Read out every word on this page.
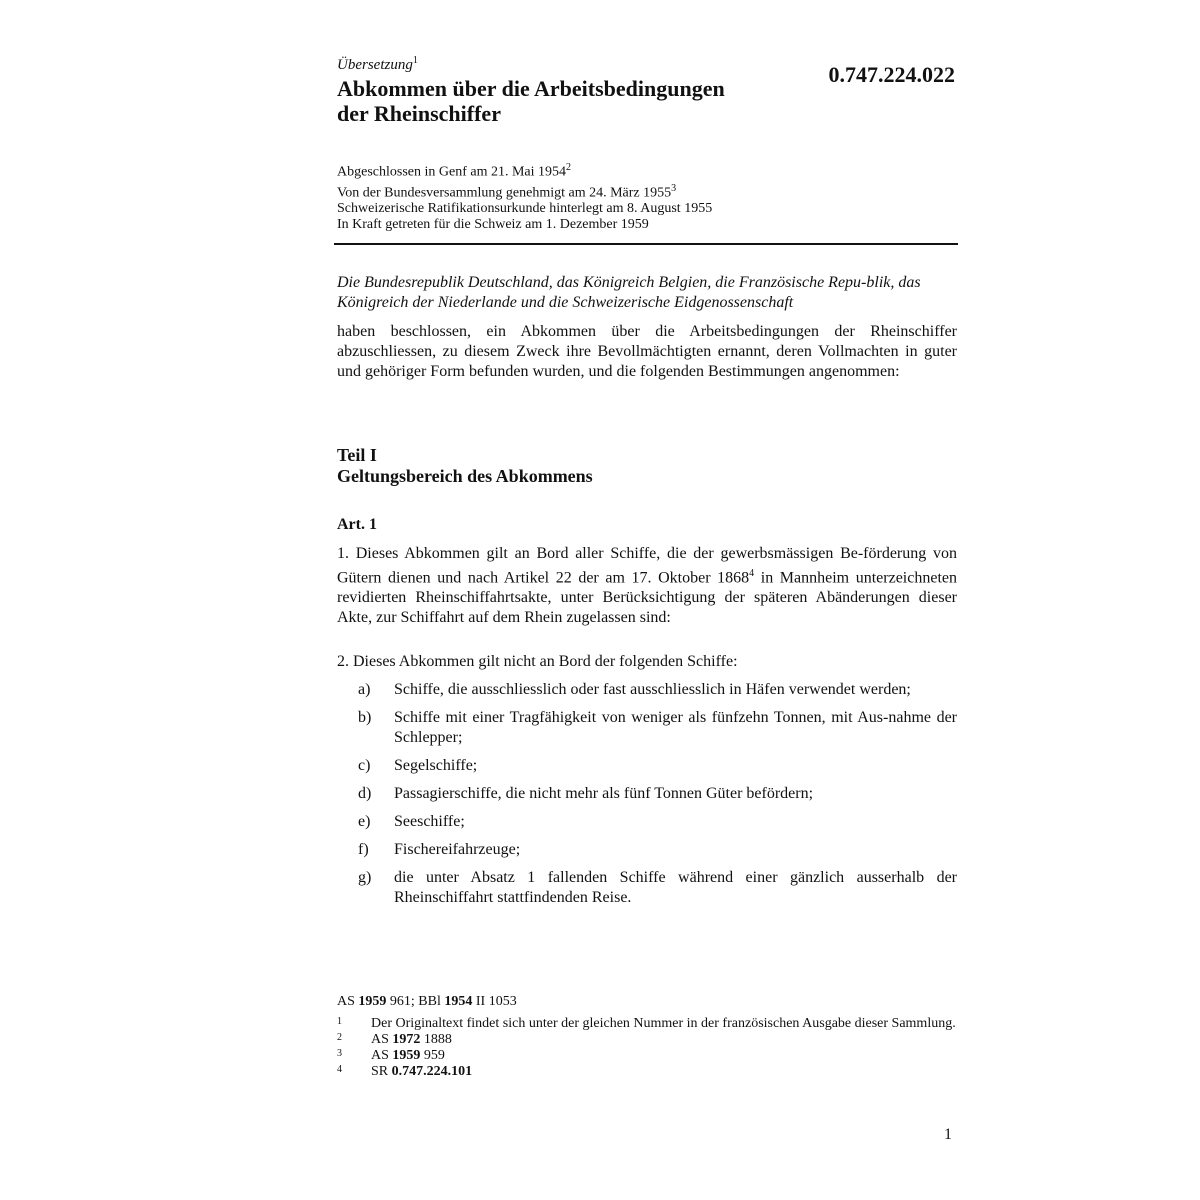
Übersetzung$^1$
Abkommen über die Arbeitsbedingungen
der Rheinschiffer
0.747.224.022
Abgeschlossen in Genf am 21. Mai 1954$^2$
Von der Bundesversammlung genehmigt am 24. März 1955$^3$
Schweizerische Ratifikationsurkunde hinterlegt am 8. August 1955
In Kraft getreten für die Schweiz am 1. Dezember 1959
Die Bundesrepublik Deutschland, das Königreich Belgien, die Französische Repu-blik, das Königreich der Niederlande und die Schweizerische Eidgenossenschaft
haben beschlossen, ein Abkommen über die Arbeitsbedingungen der Rheinschiffer abzuschliessen, zu diesem Zweck ihre Bevollmächtigten ernannt, deren Vollmachten in guter und gehöriger Form befunden wurden, und die folgenden Bestimmungen angenommen:
Teil I
Geltungsbereich des Abkommens
Art. 1
1. Dieses Abkommen gilt an Bord aller Schiffe, die der gewerbsmässigen Be-förderung von Gütern dienen und nach Artikel 22 der am 17. Oktober 1868$^4$ in Mannheim unterzeichneten revidierten Rheinschiffahrtsakte, unter Berücksichtigung der späteren Abänderungen dieser Akte, zur Schiffahrt auf dem Rhein zugelassen sind:
2. Dieses Abkommen gilt nicht an Bord der folgenden Schiffe:
a) Schiffe, die ausschliesslich oder fast ausschliesslich in Häfen verwendet werden;
b) Schiffe mit einer Tragfähigkeit von weniger als fünfzehn Tonnen, mit Aus-nahme der Schlepper;
c) Segelschiffe;
d) Passagierschiffe, die nicht mehr als fünf Tonnen Güter befördern;
e) Seeschiffe;
f) Fischereifahrzeuge;
g) die unter Absatz 1 fallenden Schiffe während einer gänzlich ausserhalb der Rheinschiffahrt stattfindenden Reise.
AS 1959 961; BBl 1954 II 1053
1 Der Originaltext findet sich unter der gleichen Nummer in der französischen Ausgabe dieser Sammlung.
2 AS 1972 1888
3 AS 1959 959
4 SR 0.747.224.101
1
